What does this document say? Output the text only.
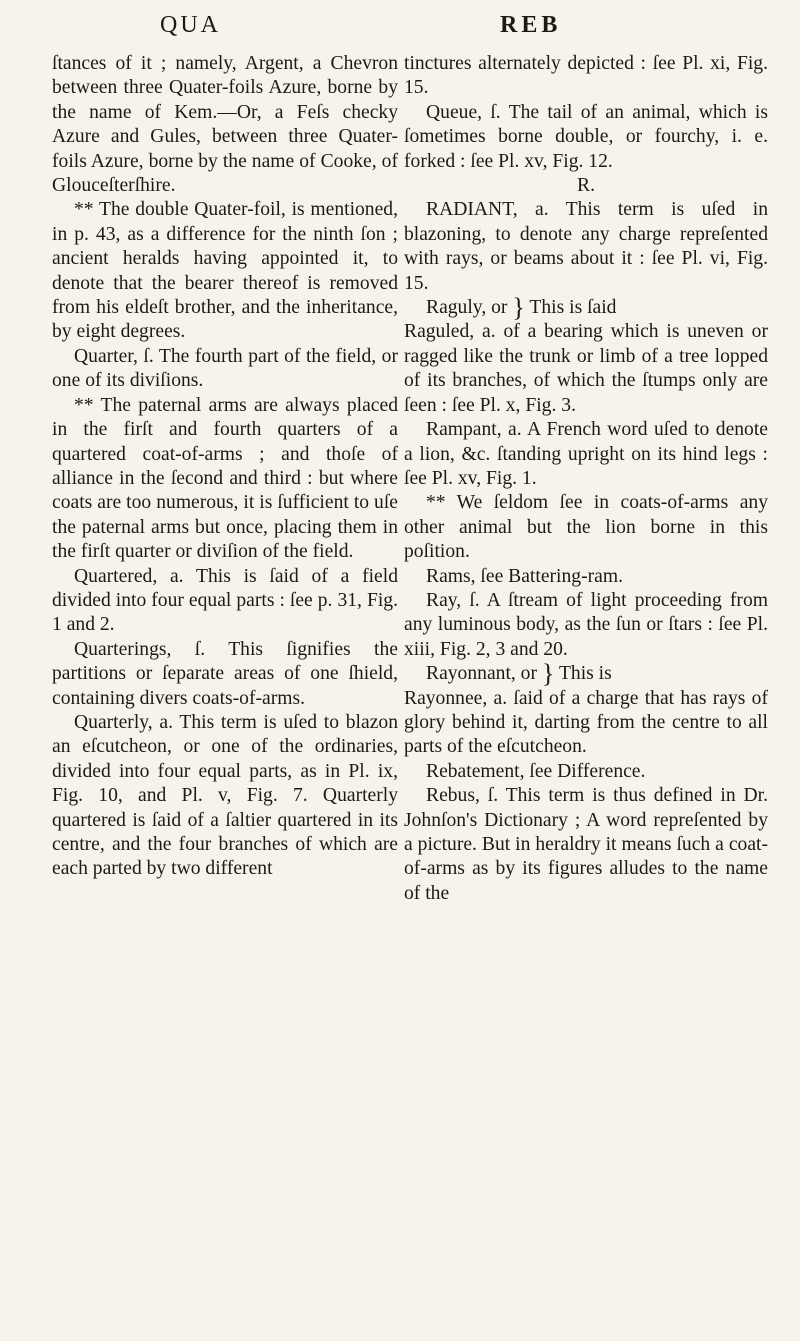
QUA	REB

ſtances of it ; namely, Argent, a Chevron between three Quater-foils Azure, borne by the name of Kem.—Or, a Feſs checky Azure and Gules, between three Quater-foils Azure, borne by the name of Cooke, of Glouceſterſhire.

*⁢* The double Quater-foil, is mentioned, in p. 43, as a difference for the ninth ſon ; ancient heralds having appointed it, to denote that the bearer thereof is removed from his eldeſt brother, and the inheritance, by eight degrees.

Quarter, ſ. The fourth part of the field, or one of its diviſions.

*⁢* The paternal arms are always placed in the firſt and fourth quarters of a quartered coat-of-arms ; and thoſe of alliance in the ſecond and third : but where coats are too numerous, it is ſufficient to uſe the paternal arms but once, placing them in the firſt quarter or diviſion of the field.

Quartered, a. This is ſaid of a field divided into four equal parts : ſee p. 31, Fig. 1 and 2.

Quarterings, ſ. This ſignifies the partitions or ſeparate areas of one ſhield, containing divers coats-of-arms.

Quarterly, a. This term is uſed to blazon an eſcutcheon, or one of the ordinaries, divided into four equal parts, as in Pl. ix, Fig. 10, and Pl. v, Fig. 7. Quarterly quartered is ſaid of a ſaltier quartered in its centre, and the four branches of which are each parted by two different

tinctures alternately depicted : ſee Pl. xi, Fig. 15.

Queue, ſ. The tail of an animal, which is ſometimes borne double, or fourchy, i. e. forked : ſee Pl. xv, Fig. 12.

R.

RADIANT, a. This term is uſed in blazoning, to denote any charge repreſented with rays, or beams about it : ſee Pl. vi, Fig. 15.

Raguly, or } This is ſaid
Raguled, a. of a bearing which is uneven or ragged like the trunk or limb of a tree lopped of its branches, of which the ſtumps only are ſeen : ſee Pl. x, Fig. 3.

Rampant, a. A French word uſed to denote a lion, &c. ſtanding upright on its hind legs : ſee Pl. xv, Fig. 1.

*⁢* We ſeldom ſee in coats-of-arms any other animal but the lion borne in this poſition.

Rams, ſee Battering-ram.

Ray, ſ. A ſtream of light proceeding from any luminous body, as the ſun or ſtars : ſee Pl. xiii, Fig. 2, 3 and 20.

Rayonnant, or } This is
Rayonnee, a. ſaid of a charge that has rays of glory behind it, darting from the centre to all parts of the eſcutcheon.

Rebatement, ſee Difference.

Rebus, ſ. This term is thus defined in Dr. Johnſon's Dictionary ; A word repreſented by a picture. But in heraldry it means ſuch a coat-of-arms as by its figures alludes to the name of the
